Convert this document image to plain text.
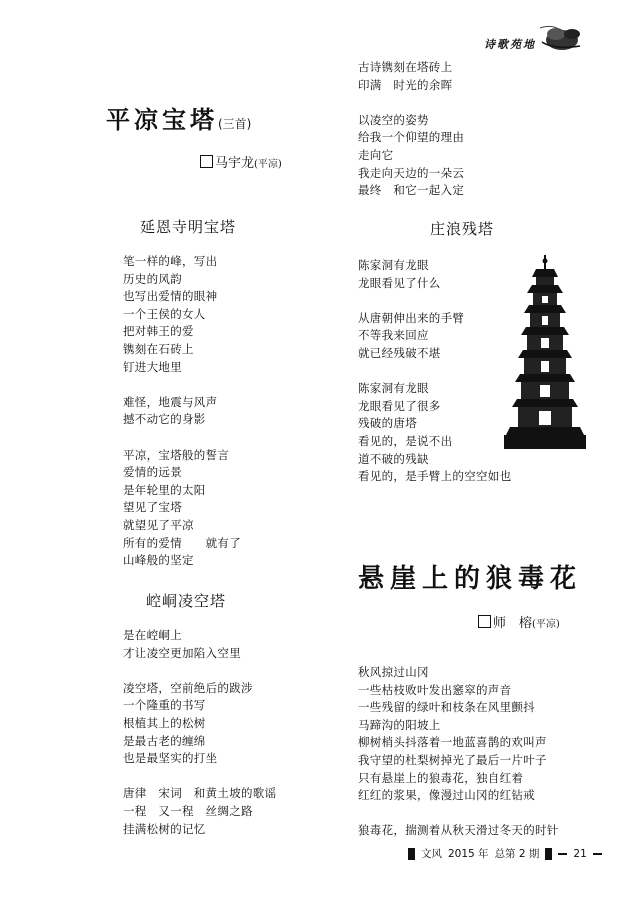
诗歌苑地
平凉宝塔(三首)
马宇龙(平凉)
延恩寺明宝塔
笔一样的峰，写出
历史的风韵
也写出爱情的眼神
一个王侯的女人
把对韩王的爱
镌刻在石砖上
钉进大地里
难怪，地震与风声
撼不动它的身影
平凉，宝塔般的誓言
爱情的远景
是年轮里的太阳
望见了宝塔
就望见了平凉
所有的爱情　　就有了
山峰般的坚定
崆峒凌空塔
是在崆峒上
才让凌空更加陷入空里
凌空塔，空前绝后的跋涉
一个隆重的书写
根植其上的松树
是最古老的缠绵
也是最坚实的打坐
唐律　宋词　和黄土坡的歌谣
一程　又一程　丝绸之路
挂满松树的记忆
古诗镌刻在塔砖上
印满　时光的余晖
以凌空的姿势
给我一个仰望的理由
走向它
我走向天边的一朵云
最终　和它一起入定
庄浪残塔
陈家洞有龙眼
龙眼看见了什么
从唐朝伸出来的手臂
不等我来回应
就已经残破不堪
陈家洞有龙眼
龙眼看见了很多
残破的唐塔
看见的，是说不出
道不破的残缺
看见的，是手臂上的空空如也
悬崖上的狼毒花
师　榕(平凉)
秋风掠过山冈
一些枯枝败叶发出窸窣的声音
一些残留的绿叶和枝条在风里颤抖
马蹄沟的阳坡上
柳树梢头抖落着一地蓝喜鹊的欢叫声
我守望的杜梨树掉光了最后一片叶子
只有悬崖上的狼毒花，独自红着
红红的浆果，像漫过山冈的红钻戒
狼毒花，揣测着从秋天滑过冬天的时针
文风 2015 年 总第 2 期	21
